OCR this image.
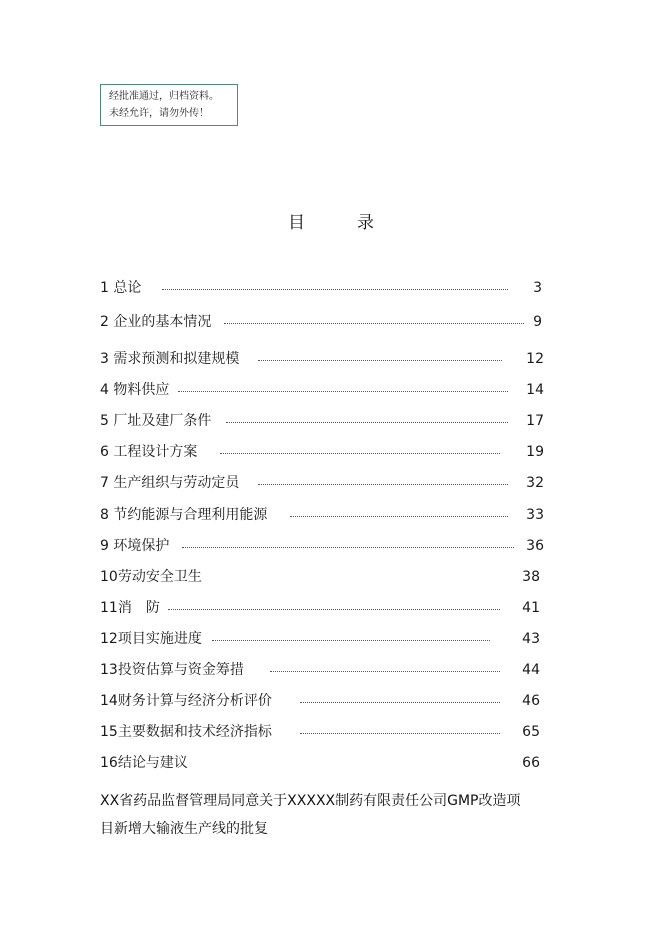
经批准通过，归档资料。
未经允许，请勿外传！
目	录
1 总论	3
2 企业的基本情况	9
3 需求预测和拟建规模	12
4 物料供应	14
5 厂址及建厂条件	17
6 工程设计方案	19
7 生产组织与劳动定员	32
8 节约能源与合理利用能源	33
9 环境保护	36
10劳动安全卫生	38
11消　防	41
12项目实施进度	43
13投资估算与资金筹措	44
14财务计算与经济分析评价	46
15主要数据和技术经济指标	65
16结论与建议	66
XX省药品监督管理局同意关于XXXXX制药有限责任公司GMP改造项
目新增大输液生产线的批复
